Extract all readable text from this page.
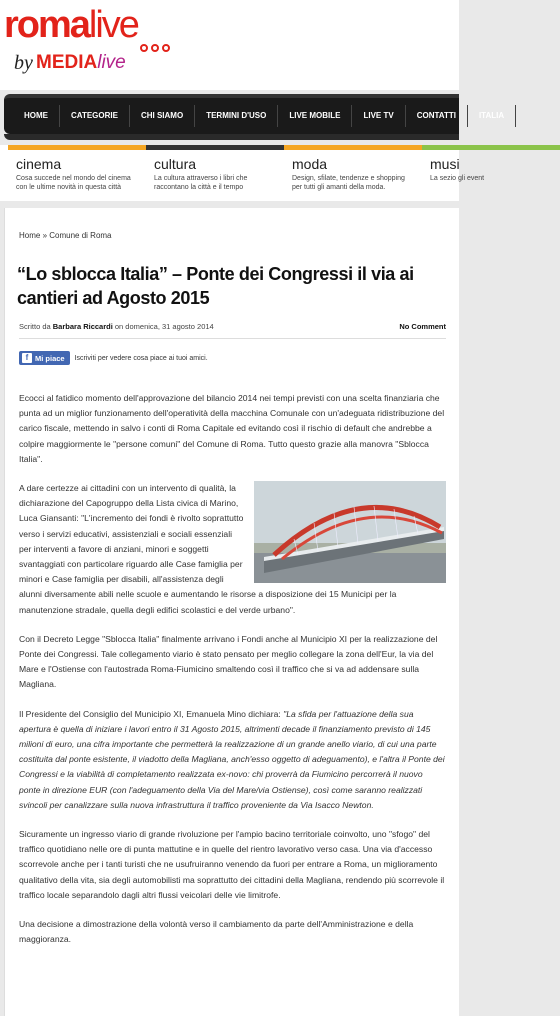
romalive
by MEDIAlive
HOME	CATEGORIE	CHI SIAMO	TERMINI D'USO	LIVE MOBILE	LIVE TV	CONTATTI	ITALIA
cinema
Cosa succede nel mondo del cinema con le ultime novità in questa città
cultura
La cultura attraverso i libri che raccontano la città e il tempo
moda
Design, sfilate, tendenze e shopping per tutti gli amanti della moda.
musi
La sezio gli event
Home » Comune di Roma
“Lo sblocca Italia” – Ponte dei Congressi il via ai cantieri ad Agosto 2015
Scritto da Barbara Riccardi on domenica, 31 agosto 2014	No Comment
f Mi piace Iscriviti per vedere cosa piace ai tuoi amici.

Ecocci al fatidico momento dell'approvazione del bilancio 2014 nei tempi previsti con una scelta finanziaria che punta ad un miglior funzionamento dell'operatività della macchina Comunale con un'adeguata ridistribuzione del carico fiscale, mettendo in salvo i conti di Roma Capitale ed evitando così il rischio di default che andrebbe a colpire maggiormente le "persone comuni" del Comune di Roma. Tutto questo grazie alla manovra "Sblocca Italia".

A dare certezze ai cittadini con un intervento di qualità, la dichiarazione del Capogruppo della Lista civica di Marino, Luca Giansanti: "L'incremento dei fondi è rivolto soprattutto verso i servizi educativi, assistenziali e sociali essenziali per interventi a favore di anziani, minori e soggetti svantaggiati con particolare riguardo alle Case famiglia per minori e Case famiglia per disabili, all'assistenza degli alunni diversamente abili nelle scuole e aumentando le risorse a disposizione dei 15 Municipi per la manutenzione stradale, quella degli edifici scolastici e del verde urbano".

Con il Decreto Legge "Sblocca Italia" finalmente arrivano i Fondi anche al Municipio XI per la realizzazione del Ponte dei Congressi. Tale collegamento viario è stato pensato per meglio collegare la zona dell'Eur, la via del Mare e l'Ostiense con l'autostrada Roma-Fiumicino smaltendo così il traffico che si va ad addensare sulla Magliana.

Il Presidente del Consiglio del Municipio XI, Emanuela Mino dichiara: "La sfida per l'attuazione della sua apertura è quella di iniziare i lavori entro il 31 Agosto 2015, altrimenti decade il finanziamento previsto di 145 milioni di euro, una cifra importante che permetterà la realizzazione di un grande anello viario, di cui una parte costituita dal ponte esistente, il viadotto della Magliana, anch'esso oggetto di adeguamento), e l'altra il Ponte dei Congressi e la viabilità di completamento realizzata ex-novo: chi proverrà da Fiumicino percorrerà il nuovo ponte in direzione EUR (con l'adeguamento della Via del Mare/via Ostiense), così come saranno realizzati svincoli per canalizzare sulla nuova infrastruttura il traffico proveniente da Via Isacco Newton.

Sicuramente un ingresso viario di grande rivoluzione per l'ampio bacino territoriale coinvolto, uno "sfogo" del traffico quotidiano nelle ore di punta mattutine e in quelle del rientro lavorativo verso casa. Una via d'accesso scorrevole anche per i tanti turisti che ne usufruiranno venendo da fuori per entrare a Roma, un miglioramento qualitativo della vita, sia degli automobilisti ma soprattutto dei cittadini della Magliana, rendendo più scorrevole il traffico locale separandolo dagli altri flussi veicolari delle vie limitrofe.

Una decisione a dimostrazione della volontà verso il cambiamento da parte dell'Amministrazione e della maggioranza.
